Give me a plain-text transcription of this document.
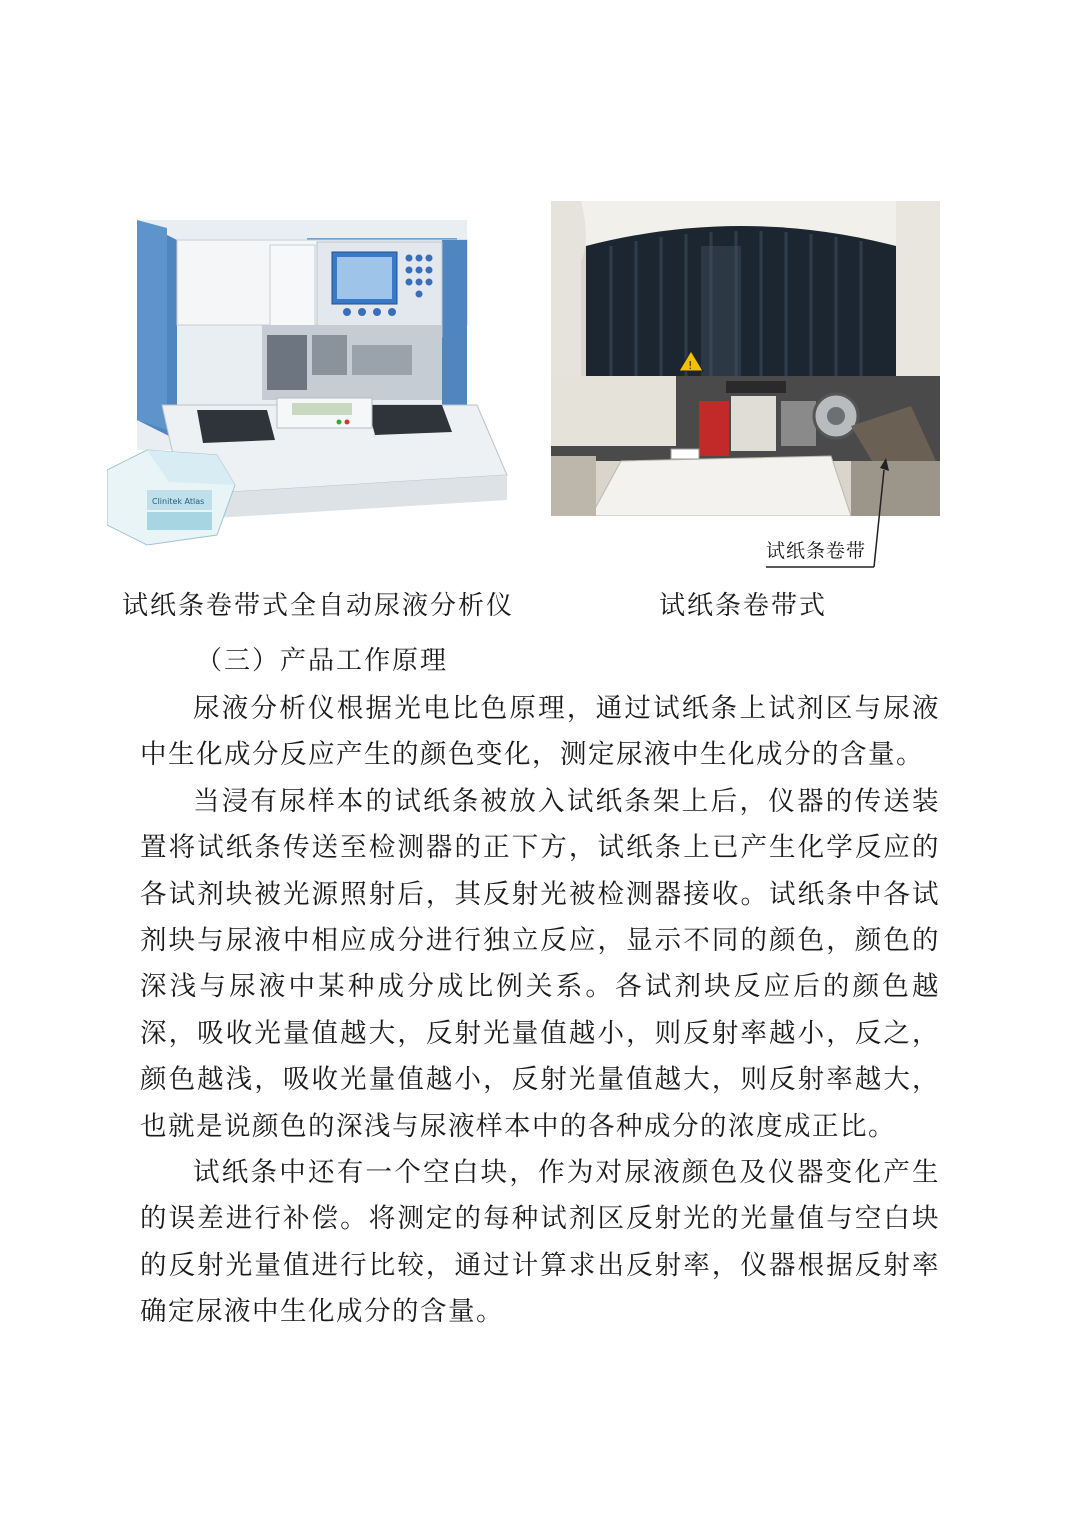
Clinitek Atlas
!
试纸条卷带
试纸条卷带式全自动尿液分析仪	试纸条卷带式
（三）产品工作原理

尿液分析仪根据光电比色原理，通过试纸条上试剂区与尿液中生化成分反应产生的颜色变化，测定尿液中生化成分的含量。

当浸有尿样本的试纸条被放入试纸条架上后，仪器的传送装置将试纸条传送至检测器的正下方，试纸条上已产生化学反应的各试剂块被光源照射后，其反射光被检测器接收。试纸条中各试剂块与尿液中相应成分进行独立反应，显示不同的颜色，颜色的深浅与尿液中某种成分成比例关系。各试剂块反应后的颜色越深，吸收光量值越大，反射光量值越小，则反射率越小，反之，颜色越浅，吸收光量值越小，反射光量值越大，则反射率越大，也就是说颜色的深浅与尿液样本中的各种成分的浓度成正比。

试纸条中还有一个空白块，作为对尿液颜色及仪器变化产生的误差进行补偿。将测定的每种试剂区反射光的光量值与空白块的反射光量值进行比较，通过计算求出反射率，仪器根据反射率确定尿液中生化成分的含量。
